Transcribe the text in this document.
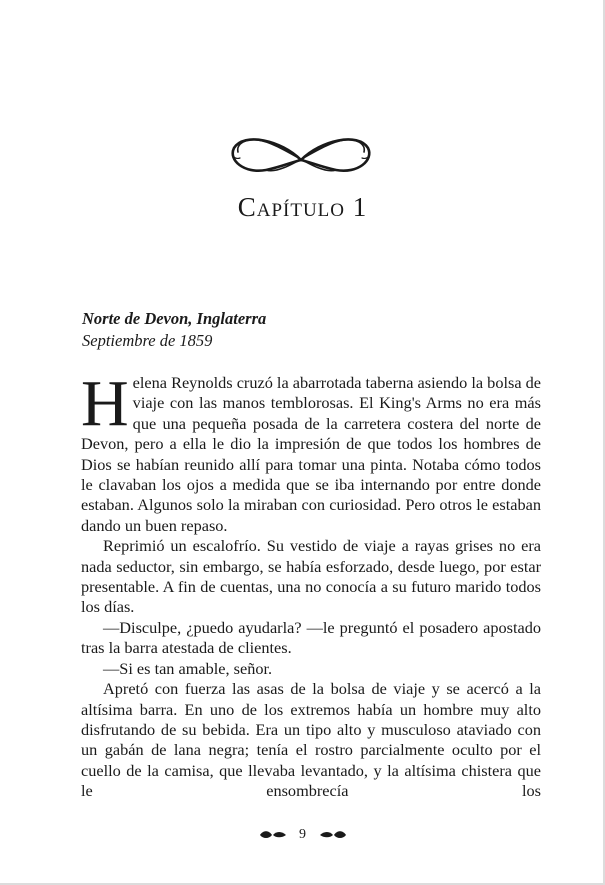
Capítulo 1
Norte de Devon, Inglaterra
Septiembre de 1859

Helena Reynolds cruzó la abarrotada taberna asiendo la bolsa de viaje con las manos temblorosas. El King's Arms no era más que una pequeña posada de la carretera costera del norte de Devon, pero a ella le dio la impresión de que todos los hombres de Dios se habían reunido allí para tomar una pinta. Notaba cómo todos le clavaban los ojos a medida que se iba internando por entre donde estaban. Algunos solo la miraban con curiosidad. Pero otros le estaban dando un buen repaso.

Reprimió un escalofrío. Su vestido de viaje a rayas grises no era nada seductor, sin embargo, se había esforzado, desde luego, por estar presentable. A fin de cuentas, una no conocía a su futuro marido todos los días.

—Disculpe, ¿puedo ayudarla? —le preguntó el posadero apostado tras la barra atestada de clientes.

—Si es tan amable, señor.

Apretó con fuerza las asas de la bolsa de viaje y se acercó a la altísima barra. En uno de los extremos había un hombre muy alto disfrutando de su bebida. Era un tipo alto y musculoso ataviado con un gabán de lana negra; tenía el rostro parcialmente oculto por el cuello de la camisa, que llevaba levantado, y la altísima chistera que le ensombrecía los

9
